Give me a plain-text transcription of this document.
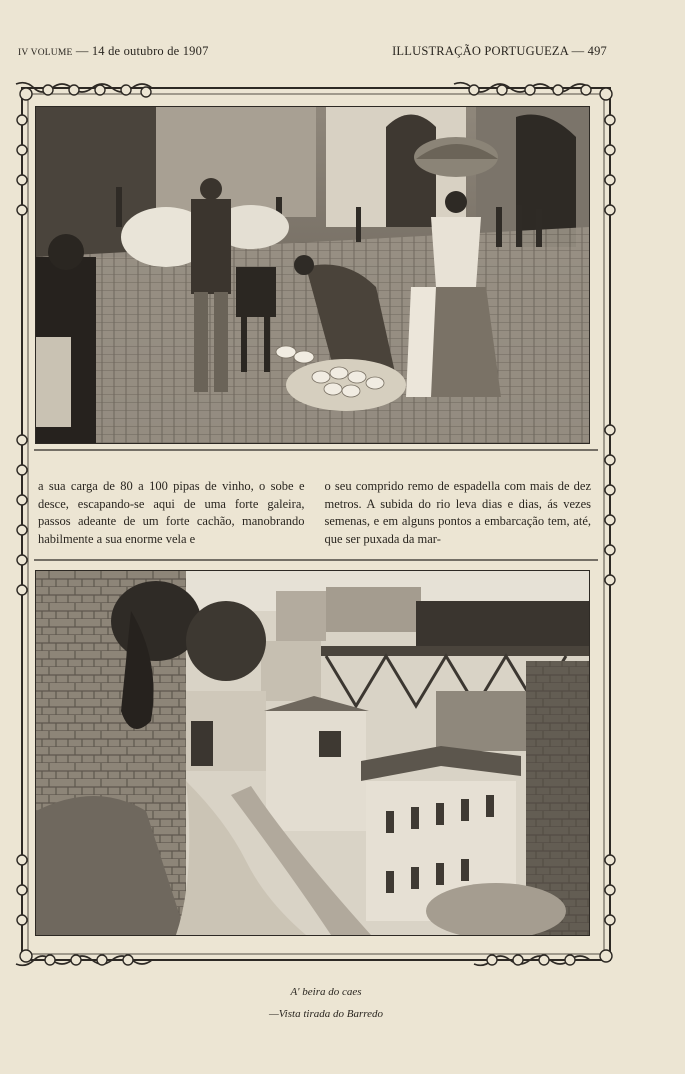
IV VOLUME — 14 de outubro de 1907	ILLUSTRAÇÃO PORTUGUEZA — 497
a sua carga de 80 a 100 pipas de vinho, o sobe e desce, escapando-se aqui de uma forte galeira, passos adeante de um forte cachão, manobrando habilmente a sua enorme vela e
o seu comprido remo de espadella com mais de dez metros. A subida do rio leva dias e dias, ás vezes semenas, e em alguns pontos a embarcação tem, até, que ser puxada da mar-
A' beira do caes
—Vista tirada do Barredo
